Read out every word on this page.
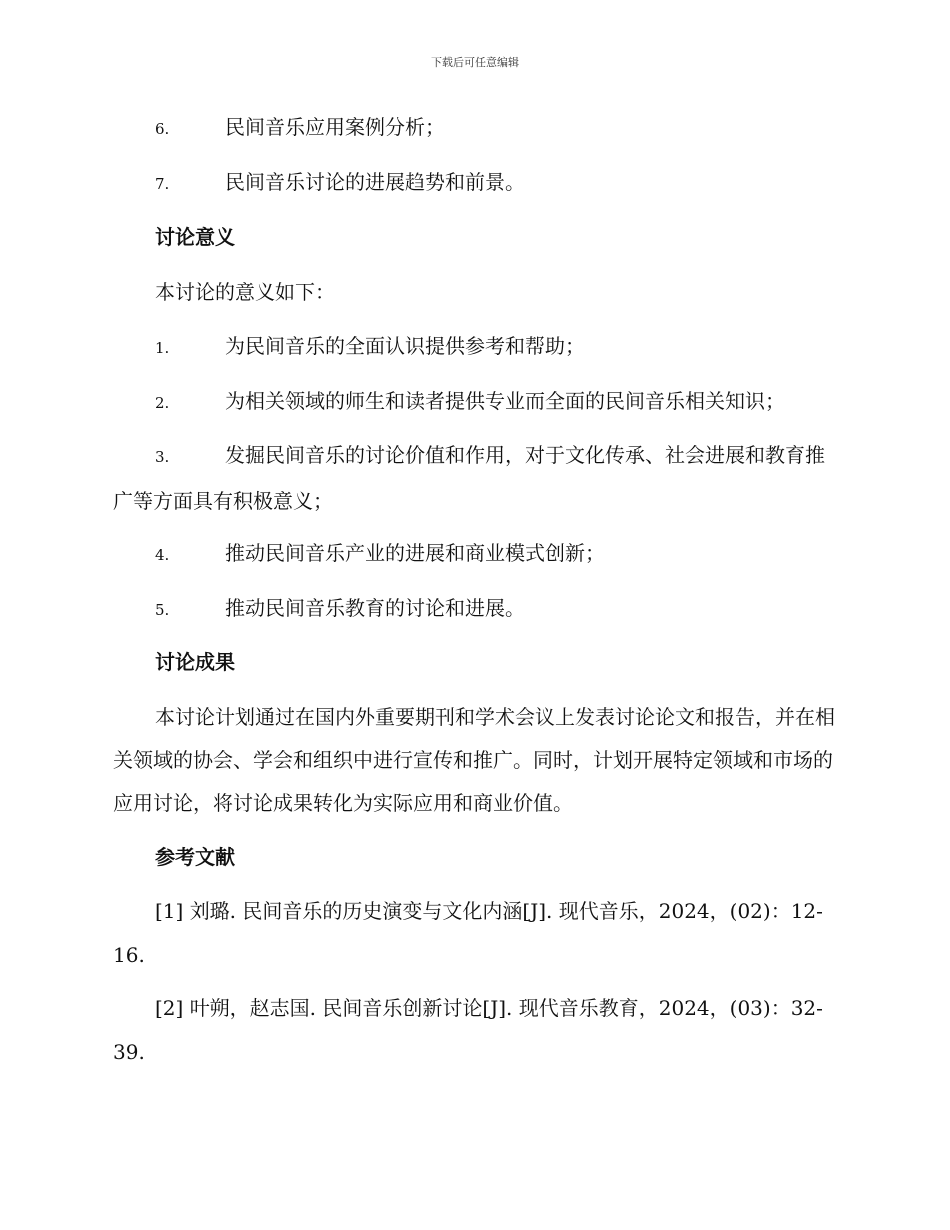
下载后可任意编辑
6.	民间音乐应用案例分析；
7.	民间音乐讨论的进展趋势和前景。
讨论意义
本讨论的意义如下：
1.	为民间音乐的全面认识提供参考和帮助；
2.	为相关领域的师生和读者提供专业而全面的民间音乐相关知识；
3.	发掘民间音乐的讨论价值和作用，对于文化传承、社会进展和教育推广等方面具有积极意义；
4.	推动民间音乐产业的进展和商业模式创新；
5.	推动民间音乐教育的讨论和进展。
讨论成果
本讨论计划通过在国内外重要期刊和学术会议上发表讨论论文和报告，并在相关领域的协会、学会和组织中进行宣传和推广。同时，计划开展特定领域和市场的应用讨论，将讨论成果转化为实际应用和商业价值。
参考文献
[1] 刘璐. 民间音乐的历史演变与文化内涵[J]. 现代音乐，2024，(02)：12-16.
[2] 叶朔，赵志国. 民间音乐创新讨论[J]. 现代音乐教育，2024，(03)：32-39.
